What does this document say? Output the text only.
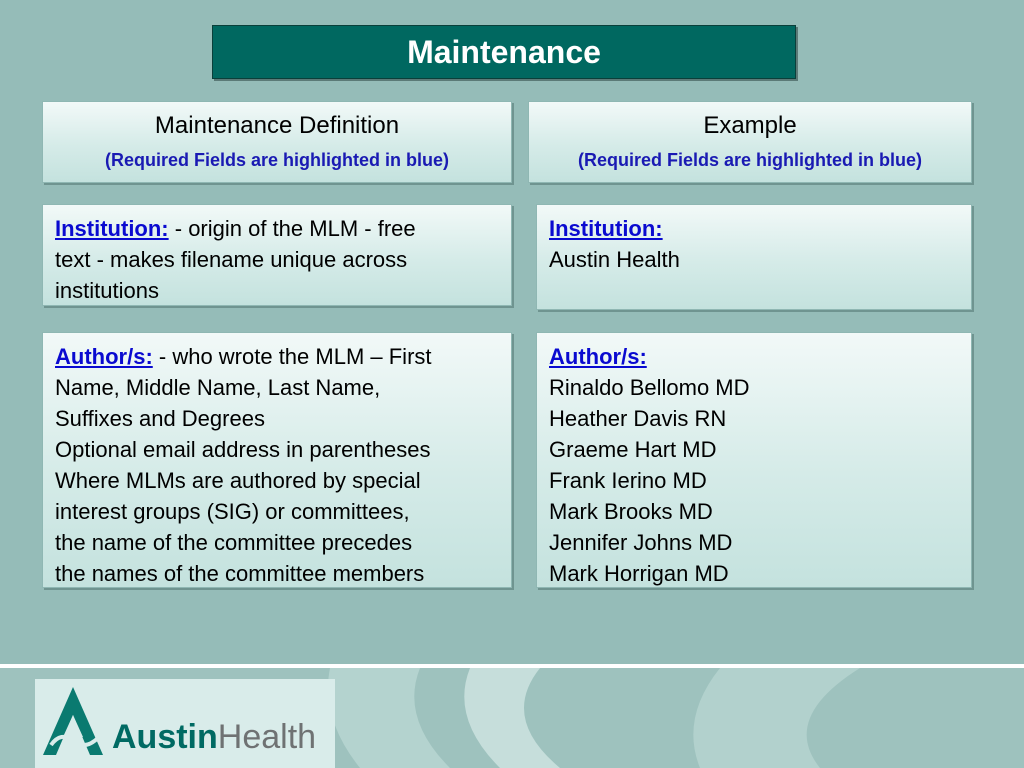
Maintenance
Maintenance Definition
(Required Fields are highlighted in blue)
Example
(Required Fields are highlighted in blue)
Institution: - origin of the MLM - free
text - makes filename unique across
institutions
Institution:
Austin Health
Author/s: - who wrote the MLM – First
Name, Middle Name, Last Name,
Suffixes and Degrees
Optional email address in parentheses
Where MLMs are authored by special
interest groups (SIG) or committees,
the name of the committee precedes
the names of the committee members
Author/s:
Rinaldo Bellomo MD
Heather Davis RN
Graeme Hart MD
Frank Ierino MD
Mark Brooks MD
Jennifer Johns MD
Mark Horrigan MD
AustinHealth
